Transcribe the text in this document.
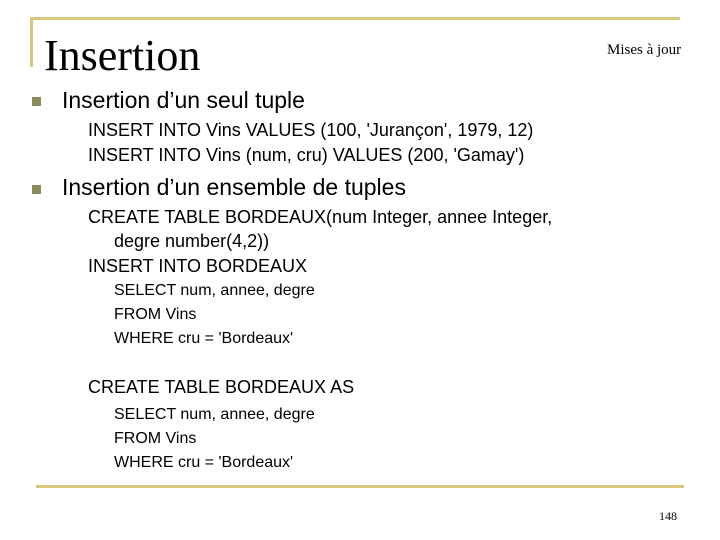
Insertion	Mises à jour
Insertion d’un seul tuple
INSERT INTO Vins VALUES (100, 'Jurançon', 1979, 12)
INSERT INTO Vins (num, cru) VALUES (200, 'Gamay')
Insertion d’un ensemble de tuples
CREATE TABLE BORDEAUX(num Integer, annee Integer,
degre number(4,2))
INSERT INTO BORDEAUX
SELECT num, annee, degre
FROM Vins
WHERE cru = 'Bordeaux'
CREATE TABLE BORDEAUX AS
SELECT num, annee, degre
FROM Vins
WHERE cru = 'Bordeaux'
148
